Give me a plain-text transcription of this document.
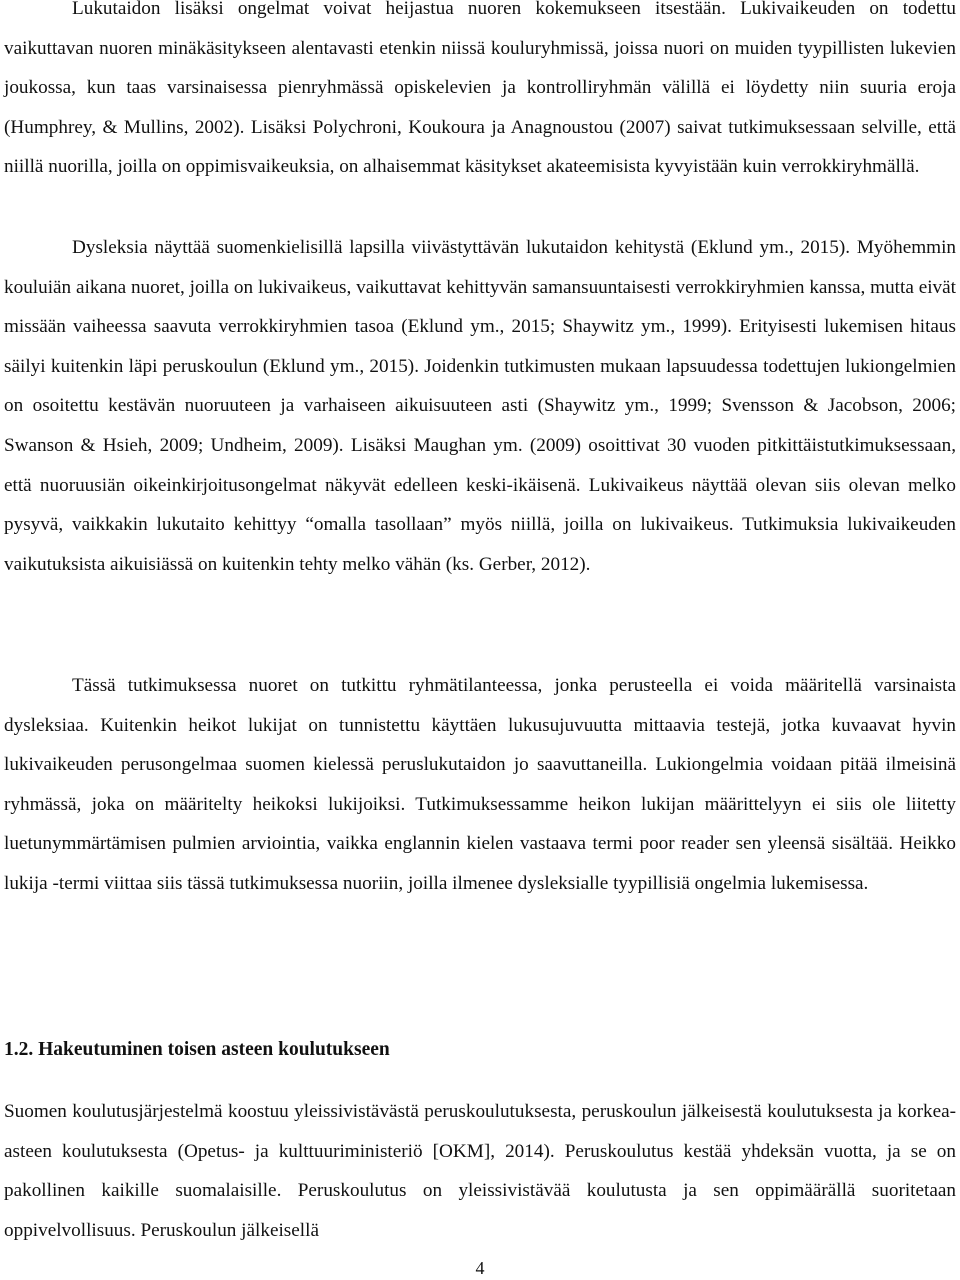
Lukutaidon lisäksi ongelmat voivat heijastua nuoren kokemukseen itsestään. Lukivaikeuden on todettu vaikuttavan nuoren minäkäsitykseen alentavasti etenkin niissä kouluryhmissä, joissa nuori on muiden tyypillisten lukevien joukossa, kun taas varsinaisessa pienryhmässä opiskelevien ja kontrolliryhmän välillä ei löydetty niin suuria eroja (Humphrey, & Mullins, 2002). Lisäksi Polychroni, Koukoura ja Anagnoustou (2007) saivat tutkimuksessaan selville, että niillä nuorilla, joilla on oppimisvaikeuksia, on alhaisemmat käsitykset akateemisista kyvyistään kuin verrokkiryhmällä.

Dysleksia näyttää suomenkielisillä lapsilla viivästyttävän lukutaidon kehitystä (Eklund ym., 2015). Myöhemmin kouluiän aikana nuoret, joilla on lukivaikeus, vaikuttavat kehittyvän samansuuntaisesti verrokkiryhmien kanssa, mutta eivät missään vaiheessa saavuta verrokkiryhmien tasoa (Eklund ym., 2015; Shaywitz ym., 1999). Erityisesti lukemisen hitaus säilyi kuitenkin läpi peruskoulun (Eklund ym., 2015). Joidenkin tutkimusten mukaan lapsuudessa todettujen lukiongelmien on osoitettu kestävän nuoruuteen ja varhaiseen aikuisuuteen asti (Shaywitz ym., 1999; Svensson & Jacobson, 2006; Swanson & Hsieh, 2009; Undheim, 2009). Lisäksi Maughan ym. (2009) osoittivat 30 vuoden pitkittäistutkimuksessaan, että nuoruusiän oikeinkirjoitusongelmat näkyvät edelleen keski-ikäisenä. Lukivaikeus näyttää olevan siis olevan melko pysyvä, vaikkakin lukutaito kehittyy “omalla tasollaan” myös niillä, joilla on lukivaikeus. Tutkimuksia lukivaikeuden vaikutuksista aikuisiässä on kuitenkin tehty melko vähän (ks. Gerber, 2012).

Tässä tutkimuksessa nuoret on tutkittu ryhmätilanteessa, jonka perusteella ei voida määritellä varsinaista dysleksiaa. Kuitenkin heikot lukijat on tunnistettu käyttäen lukusujuvuutta mittaavia testejä, jotka kuvaavat hyvin lukivaikeuden perusongelmaa suomen kielessä peruslukutaidon jo saavuttaneilla. Lukiongelmia voidaan pitää ilmeisinä ryhmässä, joka on määritelty heikoksi lukijoiksi. Tutkimuksessamme heikon lukijan määrittelyyn ei siis ole liitetty luetunymmärtämisen pulmien arviointia, vaikka englannin kielen vastaava termi poor reader sen yleensä sisältää. Heikko lukija -termi viittaa siis tässä tutkimuksessa nuoriin, joilla ilmenee dysleksialle tyypillisiä ongelmia lukemisessa.

1.2. Hakeutuminen toisen asteen koulutukseen

Suomen koulutusjärjestelmä koostuu yleissivistävästä peruskoulutuksesta, peruskoulun jälkeisestä koulutuksesta ja korkea-asteen koulutuksesta (Opetus- ja kulttuuriministeriö [OKM], 2014). Peruskoulutus kestää yhdeksän vuotta, ja se on pakollinen kaikille suomalaisille. Peruskoulutus on yleissivistävää koulutusta ja sen oppimäärällä suoritetaan oppivelvollisuus. Peruskoulun jälkeisellä

4
